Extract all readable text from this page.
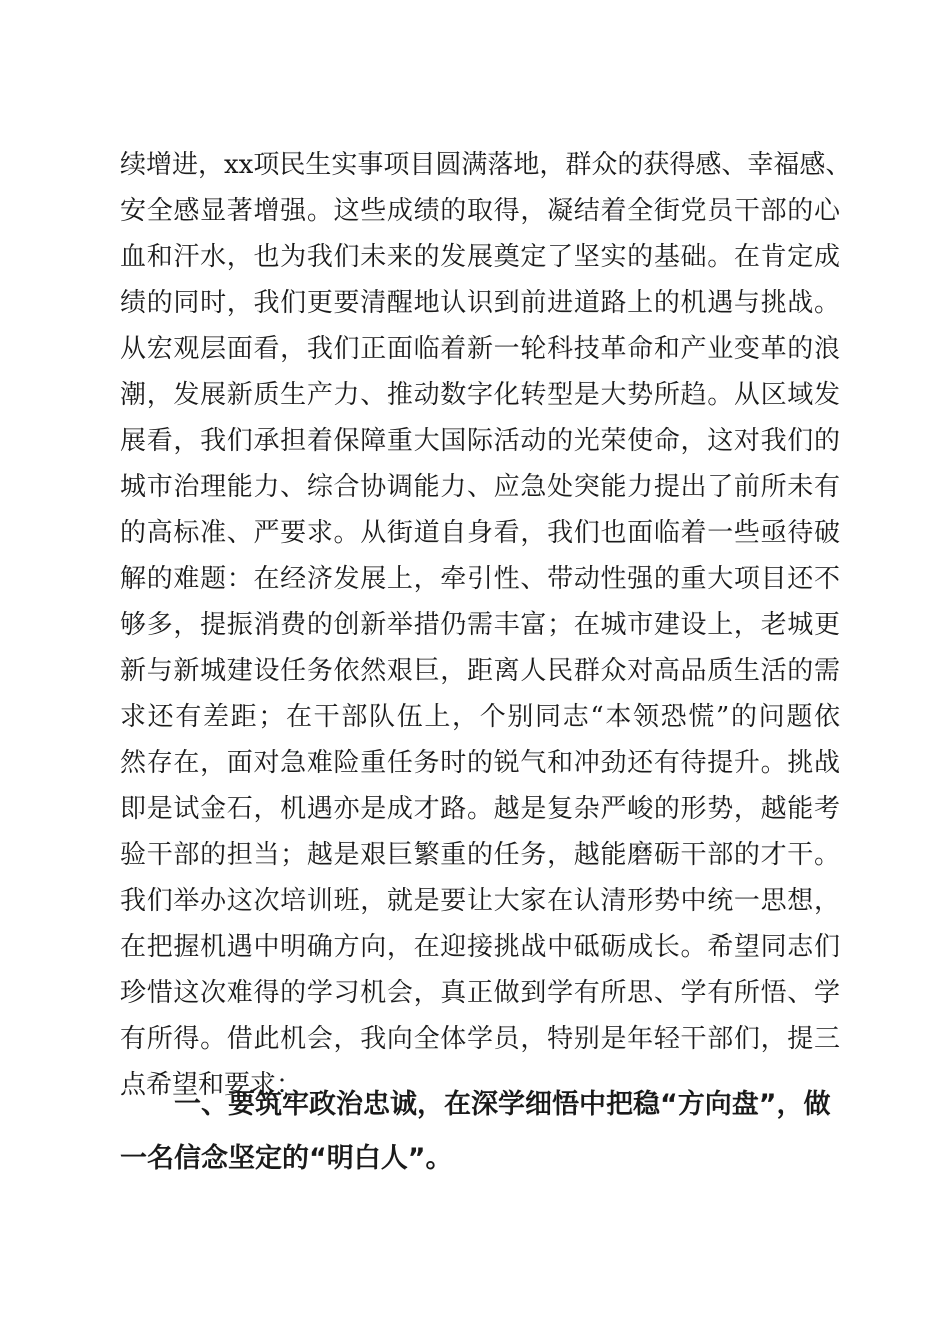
续增进，xx项民生实事项目圆满落地，群众的获得感、幸福感、
安全感显著增强。这些成绩的取得，凝结着全街党员干部的心
血和汗水，也为我们未来的发展奠定了坚实的基础。在肯定成
绩的同时，我们更要清醒地认识到前进道路上的机遇与挑战。
从宏观层面看，我们正面临着新一轮科技革命和产业变革的浪
潮，发展新质生产力、推动数字化转型是大势所趋。从区域发
展看，我们承担着保障重大国际活动的光荣使命，这对我们的
城市治理能力、综合协调能力、应急处突能力提出了前所未有
的高标准、严要求。从街道自身看，我们也面临着一些亟待破
解的难题：在经济发展上，牵引性、带动性强的重大项目还不
够多，提振消费的创新举措仍需丰富；在城市建设上，老城更
新与新城建设任务依然艰巨，距离人民群众对高品质生活的需
求还有差距；在干部队伍上，个别同志“本领恐慌”的问题依
然存在，面对急难险重任务时的锐气和冲劲还有待提升。挑战
即是试金石，机遇亦是成才路。越是复杂严峻的形势，越能考
验干部的担当；越是艰巨繁重的任务，越能磨砺干部的才干。
我们举办这次培训班，就是要让大家在认清形势中统一思想，
在把握机遇中明确方向，在迎接挑战中砥砺成长。希望同志们
珍惜这次难得的学习机会，真正做到学有所思、学有所悟、学
有所得。借此机会，我向全体学员，特别是年轻干部们，提三
点希望和要求：
一、要筑牢政治忠诚，在深学细悟中把稳“方向盘”，做
一名信念坚定的“明白人”。
